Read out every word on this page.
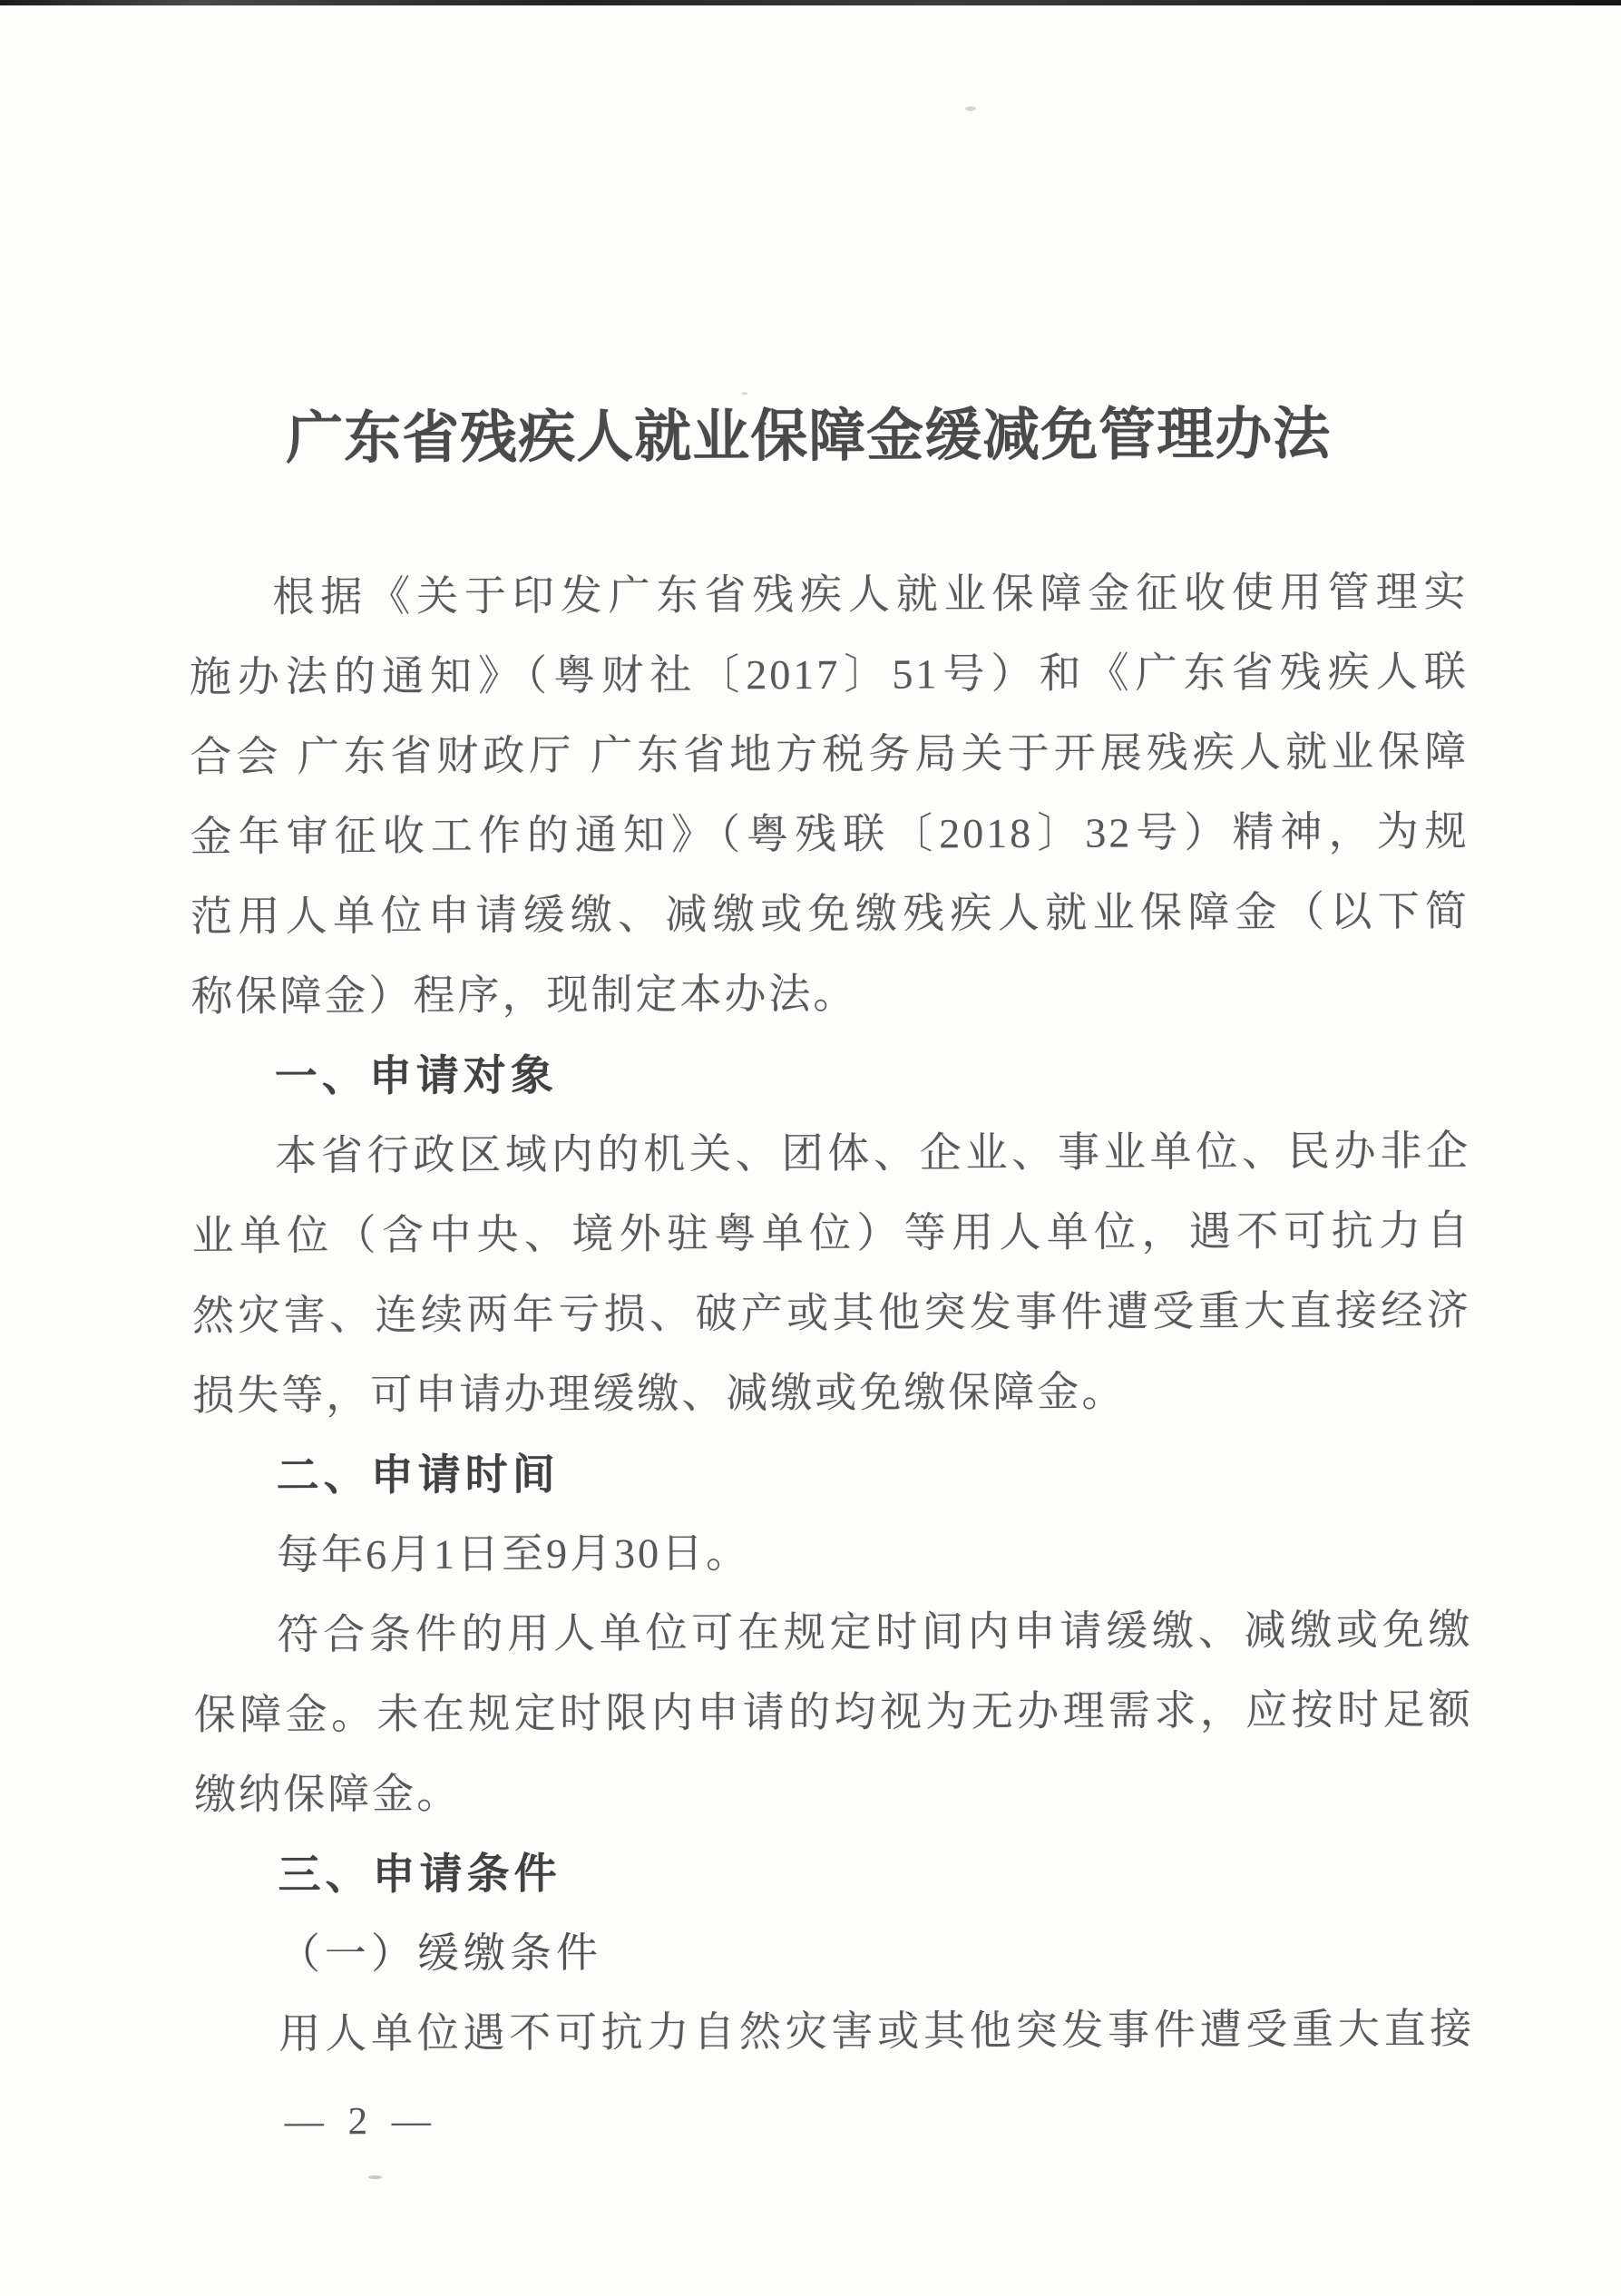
广东省残疾人就业保障金缓减免管理办法
根据《关于印发广东省残疾人就业保障金征收使用管理实
施办法的通知》（粤财社〔2017〕51号）和《广东省残疾人联
合会 广东省财政厅 广东省地方税务局关于开展残疾人就业保障
金年审征收工作的通知》（粤残联〔2018〕32号）精神，为规
范用人单位申请缓缴、减缴或免缴残疾人就业保障金（以下简
称保障金）程序，现制定本办法。
一、申请对象
本省行政区域内的机关、团体、企业、事业单位、民办非企
业单位（含中央、境外驻粤单位）等用人单位，遇不可抗力自
然灾害、连续两年亏损、破产或其他突发事件遭受重大直接经济
损失等，可申请办理缓缴、减缴或免缴保障金。
二、申请时间
每年6月1日至9月30日。
符合条件的用人单位可在规定时间内申请缓缴、减缴或免缴
保障金。未在规定时限内申请的均视为无办理需求，应按时足额
缴纳保障金。
三、申请条件
（一）缓缴条件
用人单位遇不可抗力自然灾害或其他突发事件遭受重大直接
— 2 —
